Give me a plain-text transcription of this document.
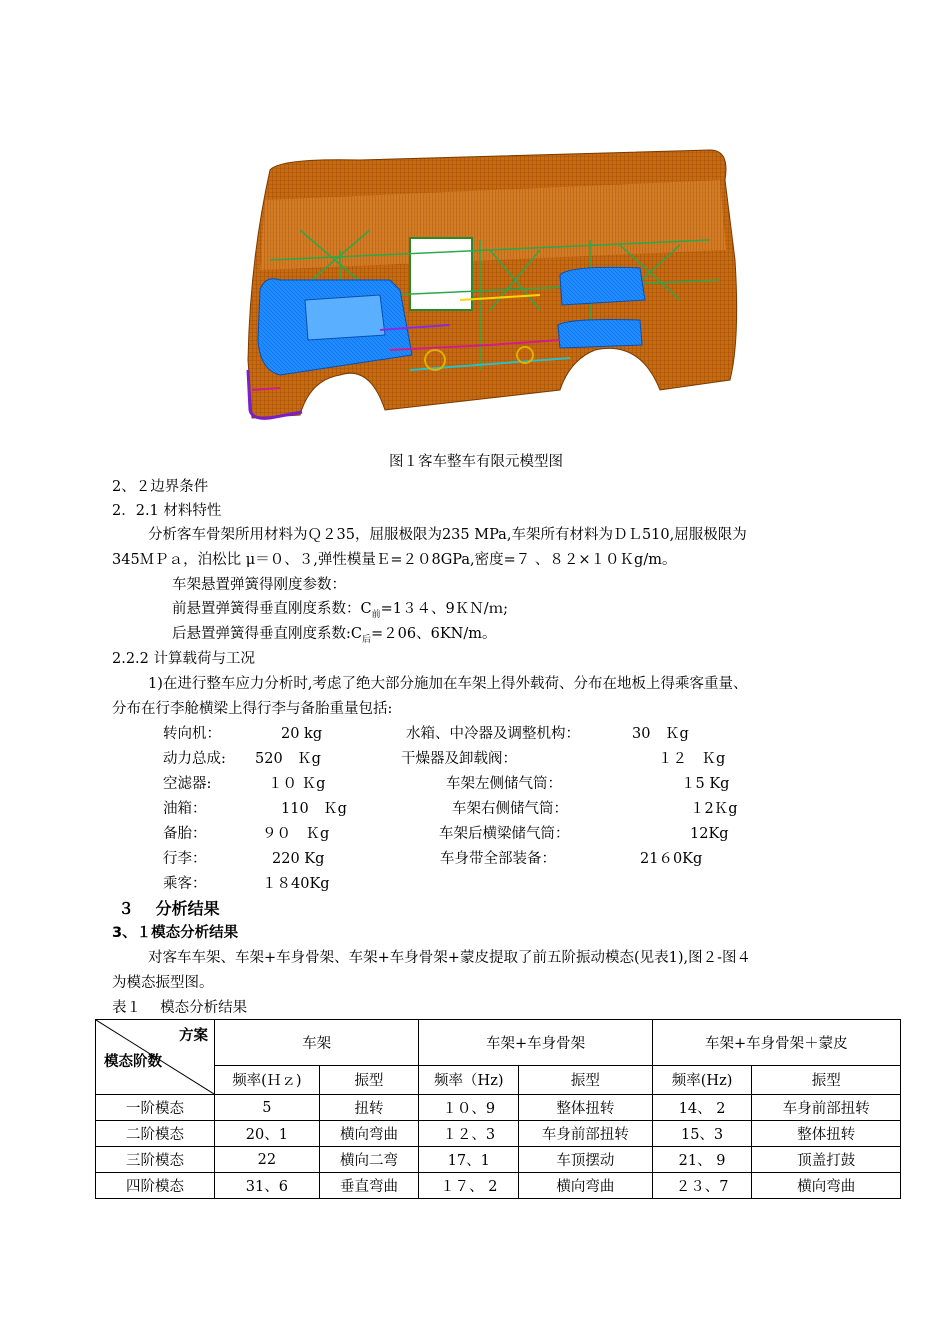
图１客车整车有限元模型图
2、２边界条件
2．2.1 材料特性
分析客车骨架所用材料为Ｑ２35，屈服极限为235 MPa,车架所有材料为ＤＬ510,屈服极限为
345ＭＰａ，泊松比 μ＝０、３,弹性模量Ｅ=２０8GPa,密度=７ 、８２×１０Ｋg/m。
车架悬置弹簧得刚度参数：
前悬置弹簧得垂直刚度系数：$C_前=134$、9ＫＮ/ｍ;
后悬置弹簧得垂直刚度系数$:C_后=206$、6KN/m。
2.2.2 计算载荷与工况
1)在进行整车应力分析时,考虑了绝大部分施加在车架上得外载荷、分布在地板上得乘客重量、
分布在行李舱横梁上得行李与备胎重量包括:
转向机：	20 kg
动力总成: 520　Ｋg
空滤器:	１０ Ｋg
油箱：	110　Ｋg
备胎：	９０　Ｋg
行李：	220 Kg
乘客：	１８40Kg
水箱、中冷器及调整机构：	30　Ｋg
干燥器及卸载阀：	１２　Ｋg
车架左侧储气筒：	１5 Kg
车架右侧储气筒：	１2Ｋg
车架后横梁储气筒：	12Kg
车身带全部装备：	21６0Kg
３　 分析结果
3、１模态分析结果
对客车车架、车架+车身骨架、车架+车身骨架+蒙皮提取了前五阶振动模态(见表1),图２-图４
为模态振型图。
表１　 模态分析结果
方案
模态阶数	车架		车架+车身骨架		车架+车身骨架＋蒙皮	
	频率(Ｈｚ)	振型	频率（Hz)	振型	频率(Hz)	振型
一阶模态	5	扭转	１０、9	整体扭转	14、 2	车身前部扭转
二阶模态	20、1	横向弯曲	１２、3	车身前部扭转	15、3	整体扭转
三阶模态	22	横向二弯	17、1	车顶摆动	21、 9	顶盖打鼓
四阶模态	31、6	垂直弯曲	１７、 2	横向弯曲	２３、7	横向弯曲
